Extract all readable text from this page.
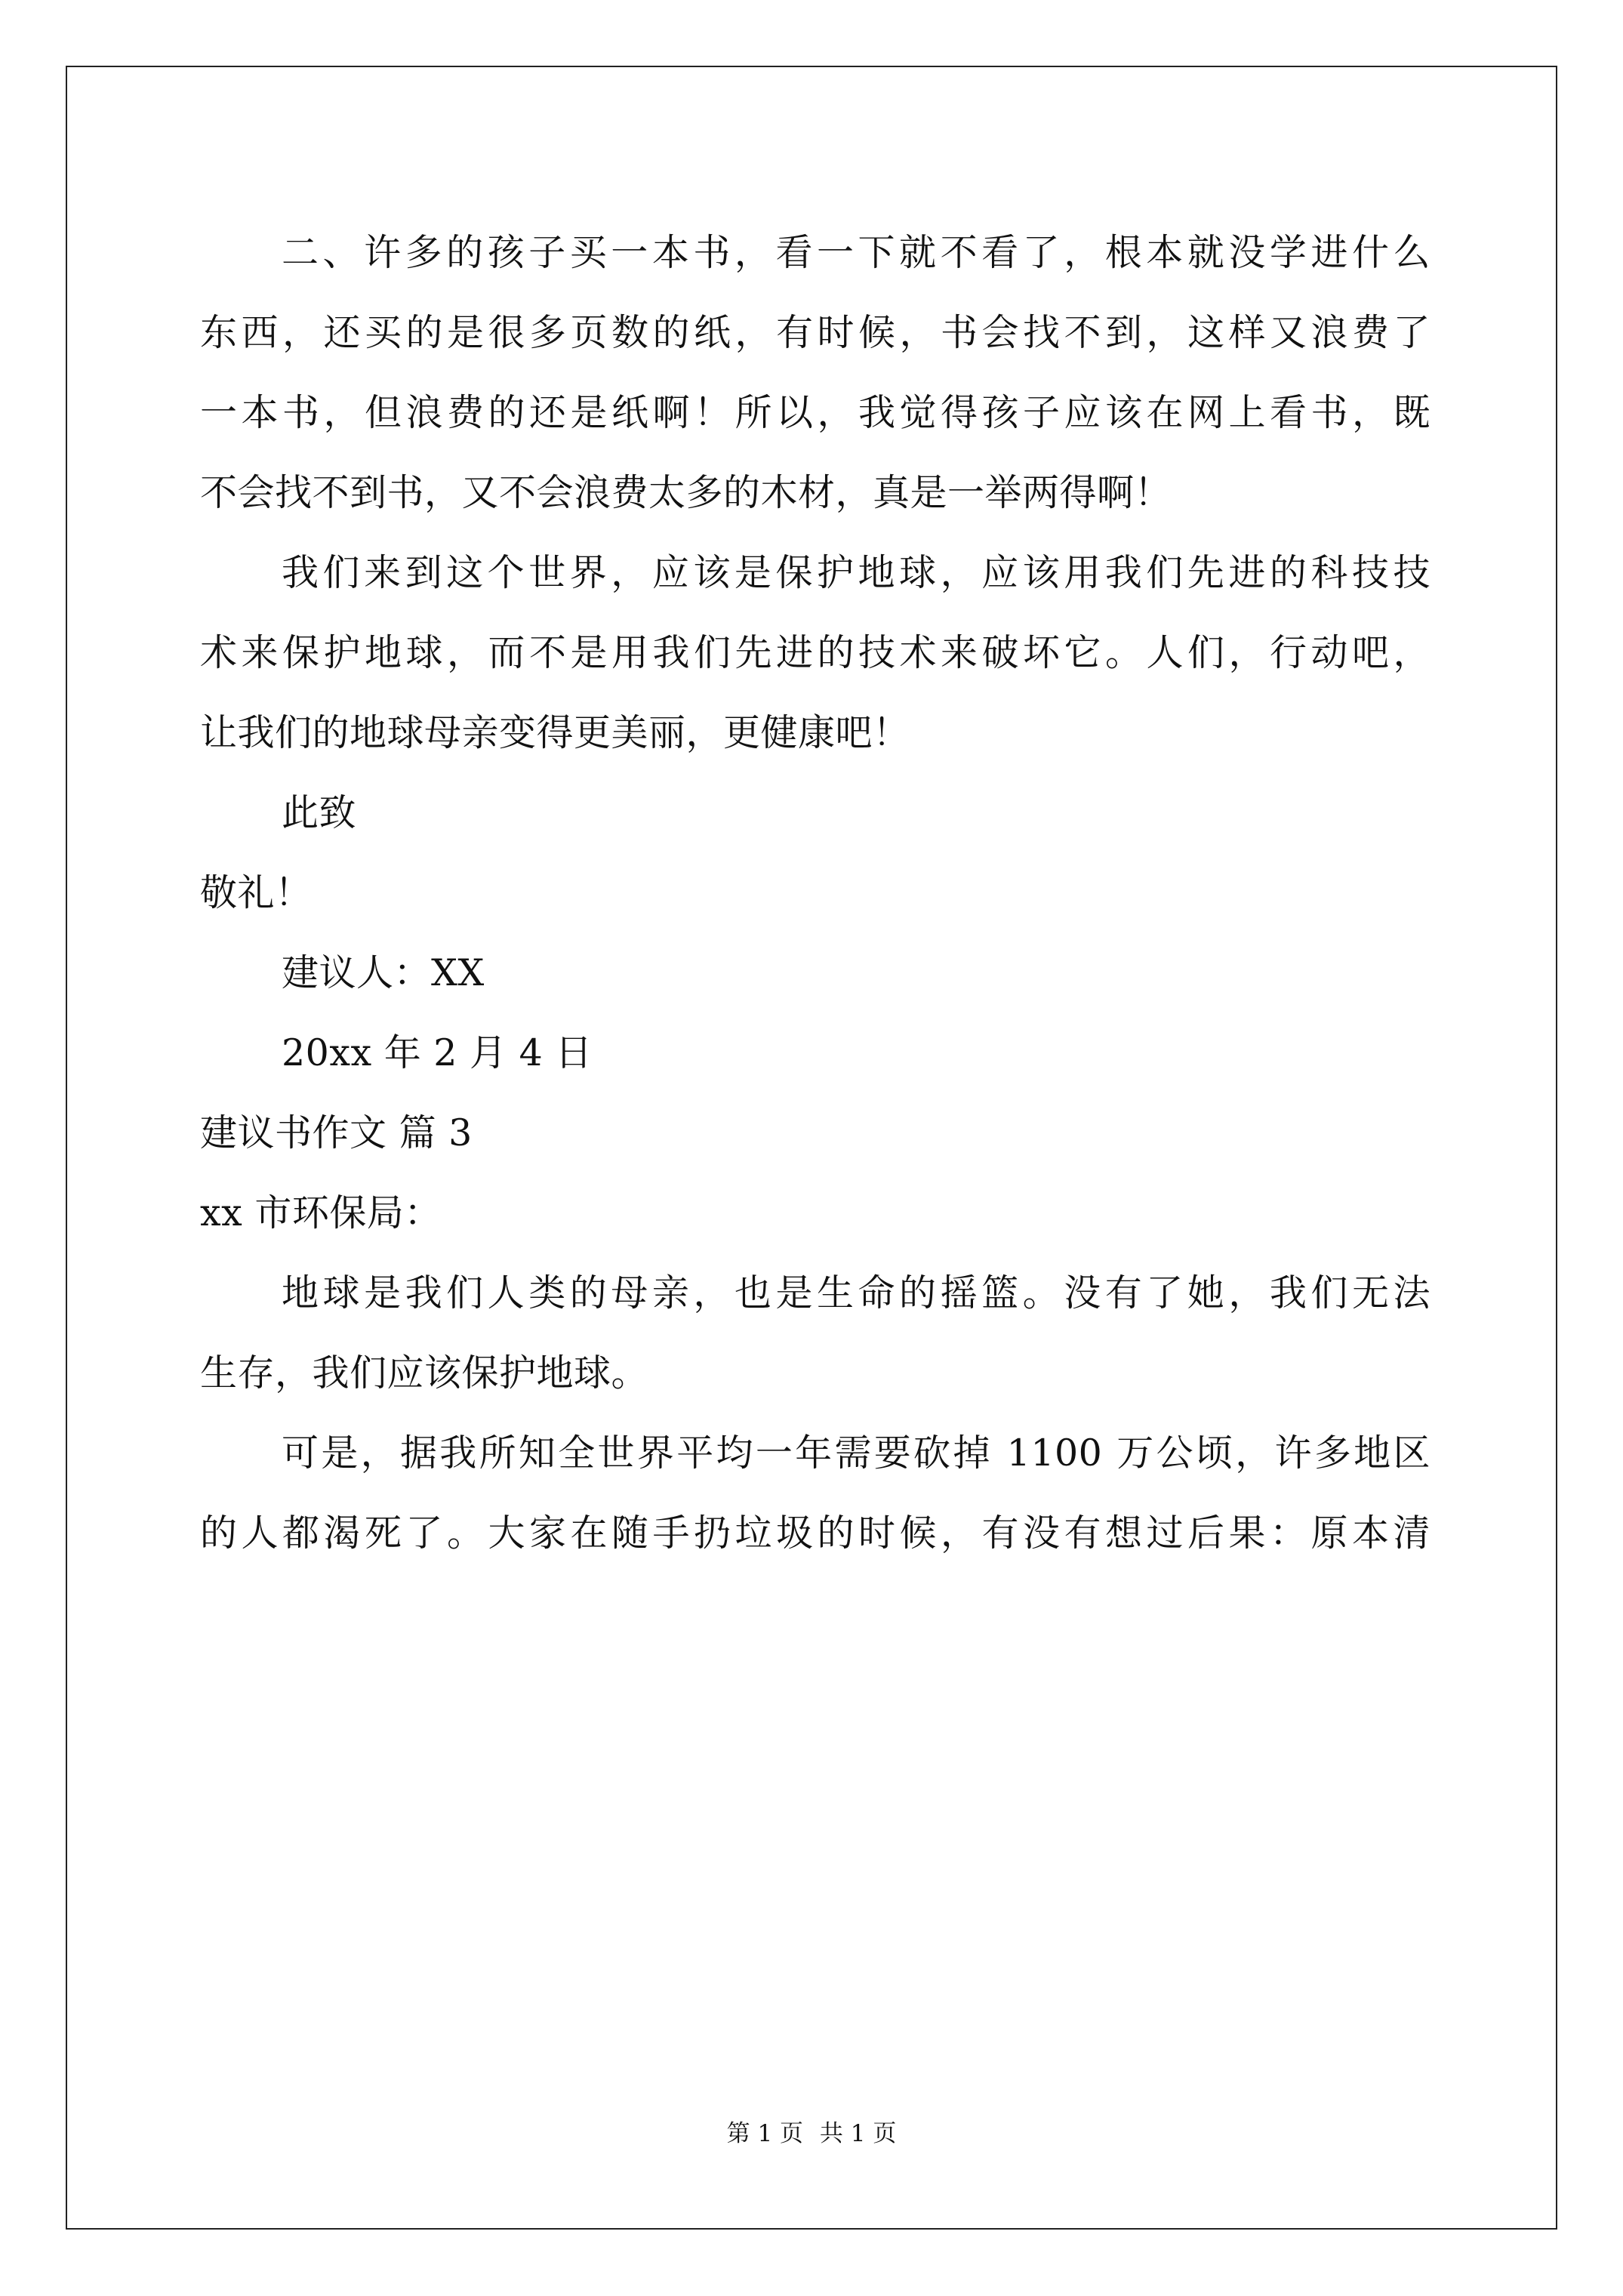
二、许多的孩子买一本书，看一下就不看了，根本就没学进什么
东西，还买的是很多页数的纸，有时候，书会找不到，这样又浪费了
一本书，但浪费的还是纸啊！所以，我觉得孩子应该在网上看书，既
不会找不到书，又不会浪费太多的木材，真是一举两得啊！
我们来到这个世界，应该是保护地球，应该用我们先进的科技技
术来保护地球，而不是用我们先进的技术来破坏它。人们，行动吧，
让我们的地球母亲变得更美丽，更健康吧！
此致
敬礼！
建议人：XX
20xx 年 2 月 4 日
建议书作文 篇 3
xx 市环保局：
地球是我们人类的母亲，也是生命的摇篮。没有了她，我们无法
生存，我们应该保护地球。
可是，据我所知全世界平均一年需要砍掉 1100 万公顷，许多地区
的人都渴死了。大家在随手扔垃圾的时候，有没有想过后果：原本清
第 1 页 共 1 页
